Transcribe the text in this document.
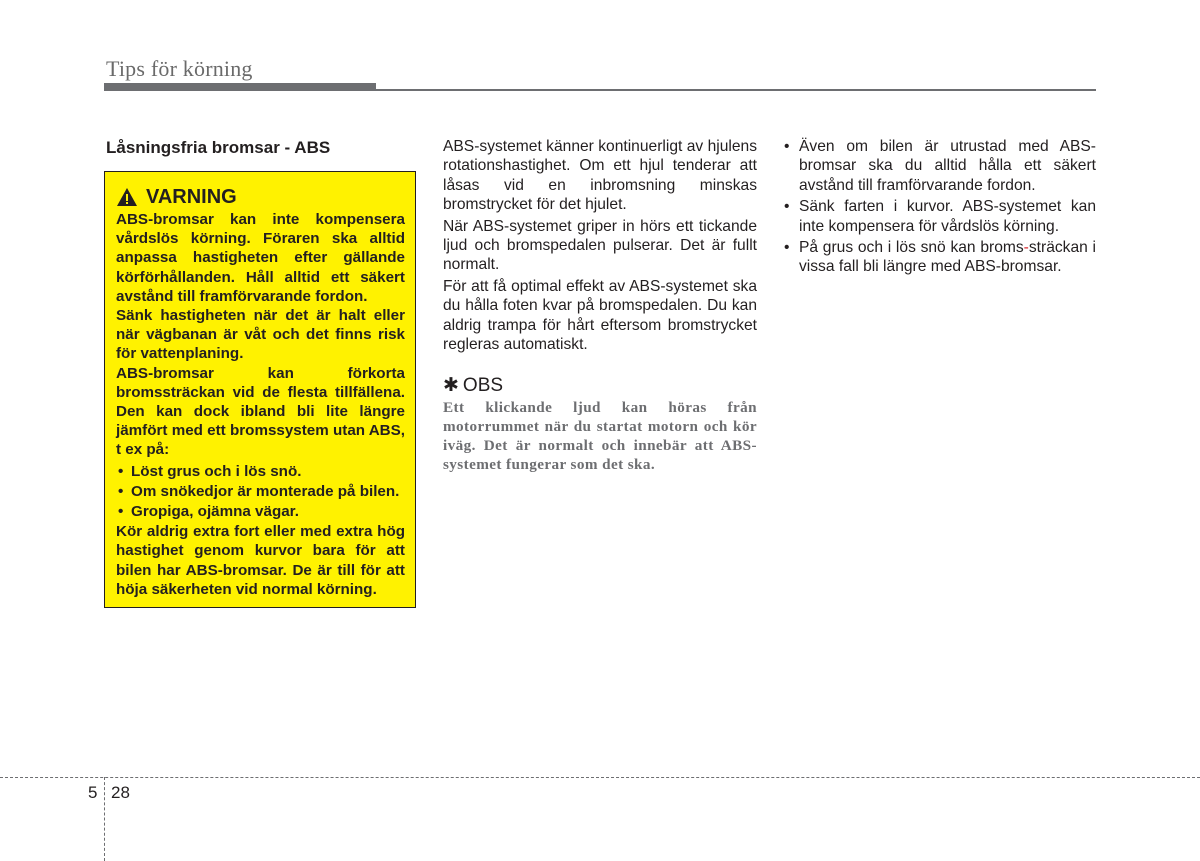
Tips för körning
Låsningsfria bromsar - ABS
VARNING

ABS-bromsar kan inte kompensera vårdslös körning. Föraren ska alltid anpassa hastigheten efter gällande körförhållanden. Håll alltid ett säkert avstånd till framförvarande fordon.

Sänk hastigheten när det är halt eller när vägbanan är våt och det finns risk för vattenplaning.

ABS-bromsar kan förkorta bromssträckan vid de flesta tillfällena. Den kan dock ibland bli lite längre jämfört med ett bromssystem utan ABS, t ex på:

• Löst grus och i lös snö.
• Om snökedjor är monterade på bilen.
• Gropiga, ojämna vägar.

Kör aldrig extra fort eller med extra hög hastighet genom kurvor bara för att bilen har ABS-bromsar. De är till för att höja säkerheten vid normal körning.

ABS-systemet känner kontinuerligt av hjulens rotationshastighet. Om ett hjul tenderar att låsas vid en inbromsning minskas bromstrycket för det hjulet.

När ABS-systemet griper in hörs ett tickande ljud och bromspedalen pulserar. Det är fullt normalt.

För att få optimal effekt av ABS-systemet ska du hålla foten kvar på bromspedalen. Du kan aldrig trampa för hårt eftersom bromstrycket regleras automatiskt.

✱ OBS
Ett klickande ljud kan höras från motorrummet när du startat motorn och kör iväg. Det är normalt och innebär att ABS-systemet fungerar som det ska.
• Även om bilen är utrustad med ABS-bromsar ska du alltid hålla ett säkert avstånd till framförvarande fordon.
• Sänk farten i kurvor. ABS-systemet kan inte kompensera för vårdslös körning.
• På grus och i lös snö kan broms-sträckan i vissa fall bli längre med ABS-bromsar.
5 28
